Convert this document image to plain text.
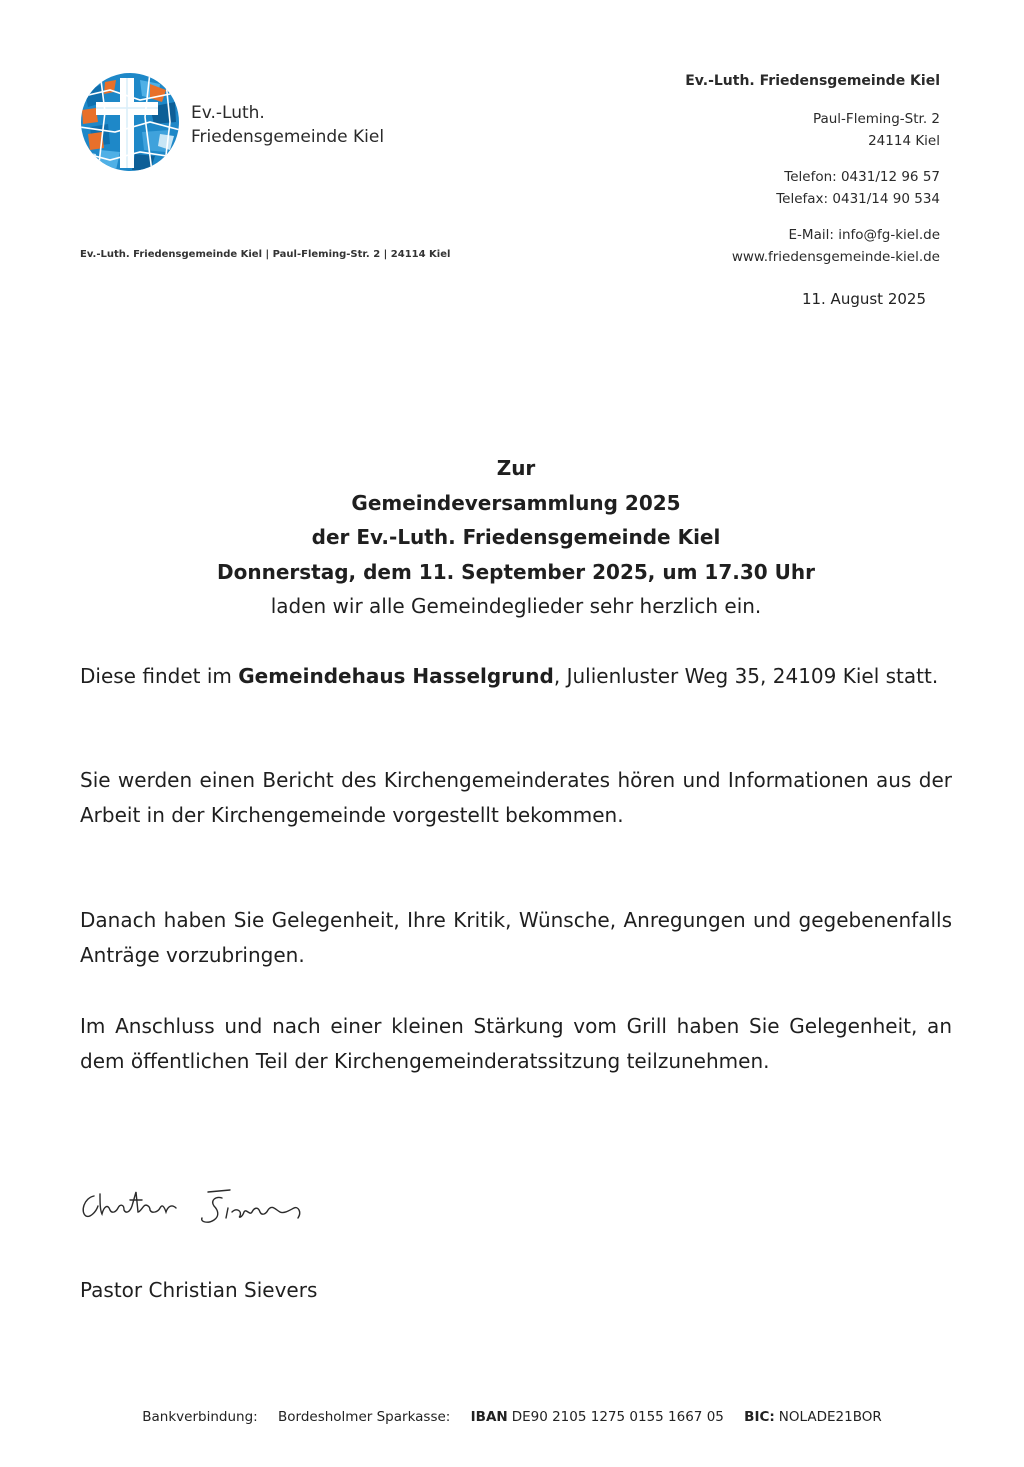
Ev.-Luth.
Friedensgemeinde Kiel
Ev.-Luth. Friedensgemeinde Kiel | Paul-Fleming-Str. 2 | 24114 Kiel
Ev.-Luth. Friedensgemeinde Kiel
Paul-Fleming-Str. 2
24114 Kiel
Telefon: 0431/12 96 57
Telefax: 0431/14 90 534
E-Mail: info@fg-kiel.de
www.friedensgemeinde-kiel.de
11. August 2025
Zur
Gemeindeversammlung 2025
der Ev.-Luth. Friedensgemeinde Kiel
Donnerstag, dem 11. September 2025, um 17.30 Uhr
laden wir alle Gemeindeglieder sehr herzlich ein.

Diese findet im Gemeindehaus Hasselgrund, Julienluster Weg 35, 24109 Kiel statt.

Sie werden einen Bericht des Kirchengemeinderates hören und Informationen aus der Arbeit in der Kirchengemeinde vorgestellt bekommen.

Danach haben Sie Gelegenheit, Ihre Kritik, Wünsche, Anregungen und gegebenenfalls Anträge vorzubringen.

Im Anschluss und nach einer kleinen Stärkung vom Grill haben Sie Gelegenheit, an dem öffentlichen Teil der Kirchengemeinderatssitzung teilzunehmen.

Pastor Christian Sievers
Bankverbindung: Bordesholmer Sparkasse: IBAN DE90 2105 1275 0155 1667 05 BIC: NOLADE21BOR
